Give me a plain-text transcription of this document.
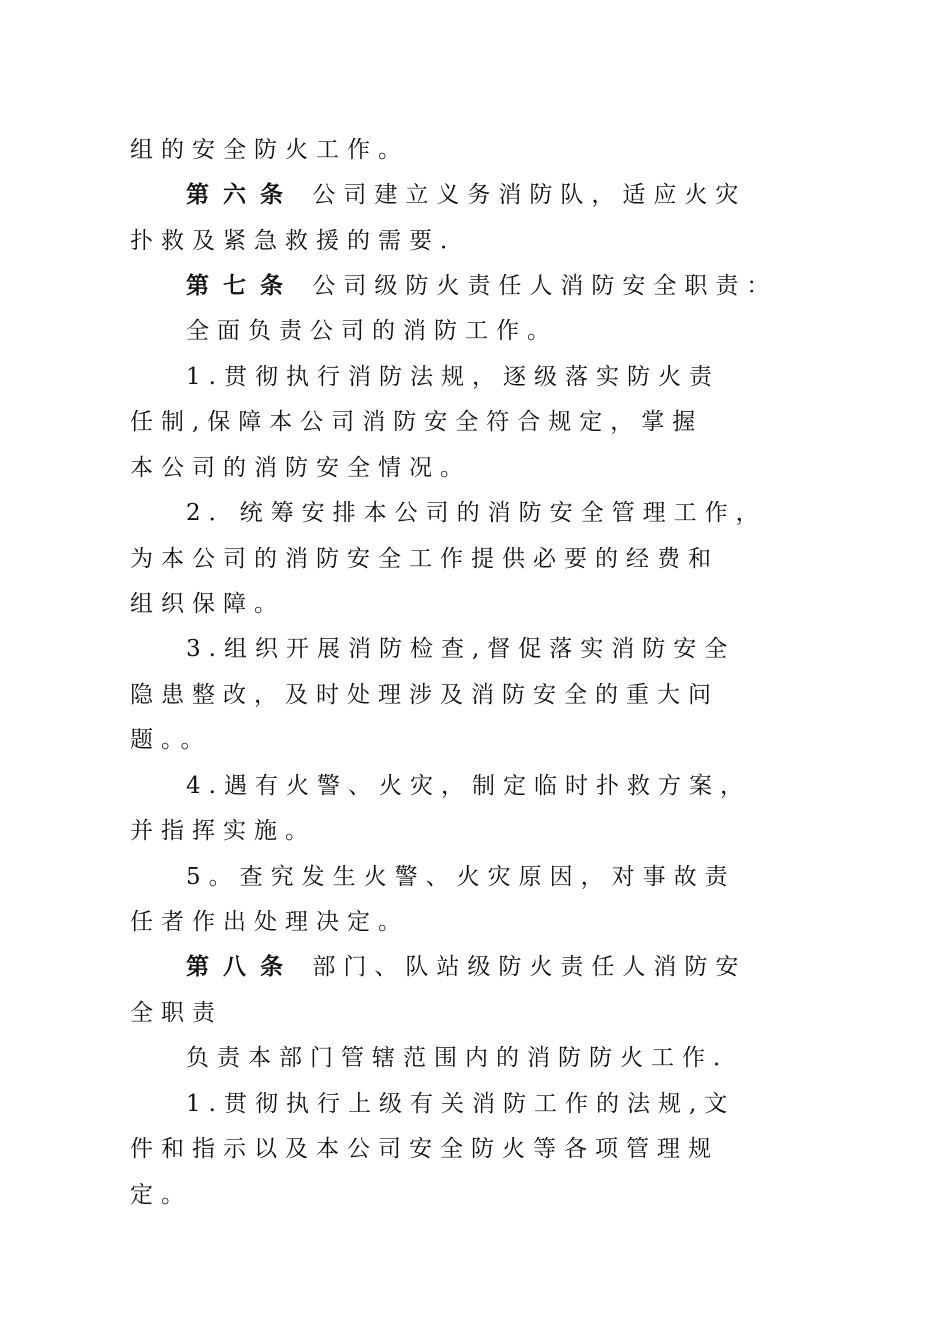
组的安全防火工作。
第六条 公司建立义务消防队，适应火灾
扑救及紧急救援的需要．
第七条 公司级防火责任人消防安全职责：
全面负责公司的消防工作。
1.贯彻执行消防法规，逐级落实防火责
任制,保障本公司消防安全符合规定，掌握
本公司的消防安全情况。
2．统筹安排本公司的消防安全管理工作，
为本公司的消防安全工作提供必要的经费和
组织保障。
3.组织开展消防检查,督促落实消防安全
隐患整改，及时处理涉及消防安全的重大问
题。。
4.遇有火警、火灾，制定临时扑救方案，
并指挥实施。
5。查究发生火警、火灾原因，对事故责
任者作出处理决定。
第八条 部门、队站级防火责任人消防安
全职责
负责本部门管辖范围内的消防防火工作．
1.贯彻执行上级有关消防工作的法规,文
件和指示以及本公司安全防火等各项管理规
定。
